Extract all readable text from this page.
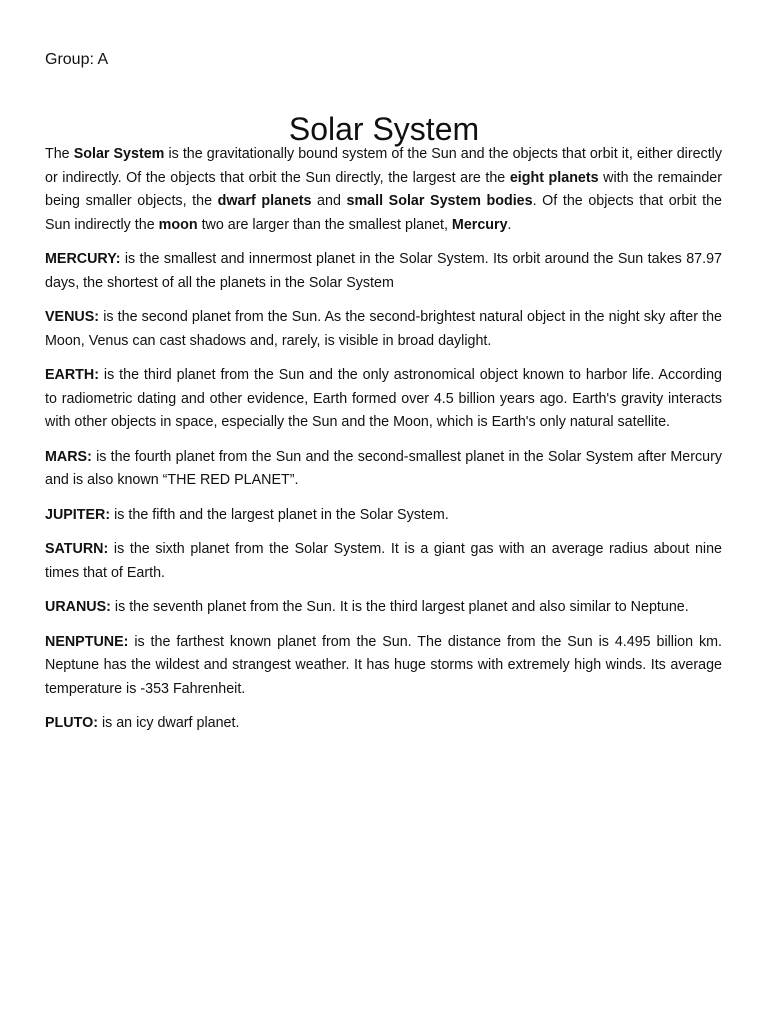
Group: A
Solar System

The Solar System is the gravitationally bound system of the Sun and the objects that orbit it, either directly or indirectly. Of the objects that orbit the Sun directly, the largest are the eight planets with the remainder being smaller objects, the dwarf planets and small Solar System bodies. Of the objects that orbit the Sun indirectly the moon two are larger than the smallest planet, Mercury.

MERCURY: is the smallest and innermost planet in the Solar System. Its orbit around the Sun takes 87.97 days, the shortest of all the planets in the Solar System

VENUS: is the second planet from the Sun. As the second-brightest natural object in the night sky after the Moon, Venus can cast shadows and, rarely, is visible in broad daylight.

EARTH: is the third planet from the Sun and the only astronomical object known to harbor life. According to radiometric dating and other evidence, Earth formed over 4.5 billion years ago. Earth's gravity interacts with other objects in space, especially the Sun and the Moon, which is Earth's only natural satellite.

MARS: is the fourth planet from the Sun and the second-smallest planet in the Solar System after Mercury and is also known “THE RED PLANET”.

JUPITER: is the fifth and the largest planet in the Solar System.

SATURN: is the sixth planet from the Solar System. It is a giant gas with an average radius about nine times that of Earth.

URANUS: is the seventh planet from the Sun. It is the third largest planet and also similar to Neptune.

NENPTUNE: is the farthest known planet from the Sun. The distance from the Sun is 4.495 billion km. Neptune has the wildest and strangest weather. It has huge storms with extremely high winds. Its average temperature is -353 Fahrenheit.

PLUTO: is an icy dwarf planet.
